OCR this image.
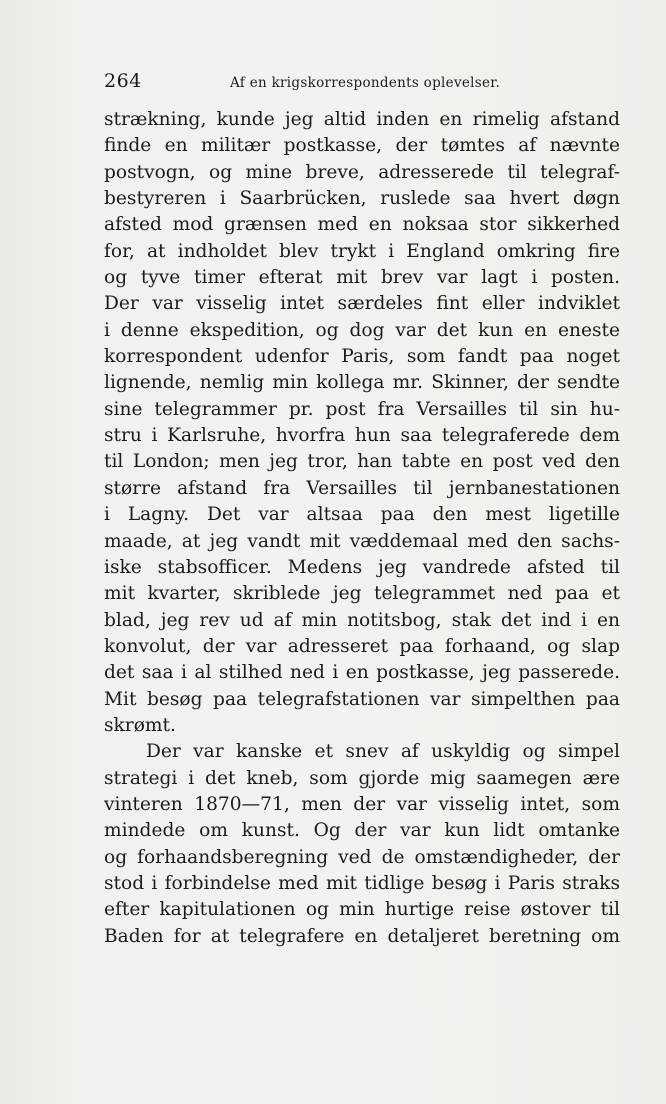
264	Af en krigskorrespondents oplevelser.
strækning, kunde jeg altid inden en rimelig afstand
finde en militær postkasse, der tømtes af nævnte
postvogn, og mine breve, adresserede til telegraf-
bestyreren i Saarbrücken, ruslede saa hvert døgn
afsted mod grænsen med en noksaa stor sikkerhed
for, at indholdet blev trykt i England omkring fire
og tyve timer efterat mit brev var lagt i posten.
Der var visselig intet særdeles fint eller indviklet
i denne ekspedition, og dog var det kun en eneste
korrespondent udenfor Paris, som fandt paa noget
lignende, nemlig min kollega mr. Skinner, der sendte
sine telegrammer pr. post fra Versailles til sin hu-
stru i Karlsruhe, hvorfra hun saa telegraferede dem
til London; men jeg tror, han tabte en post ved den
større afstand fra Versailles til jernbanestationen
i Lagny. Det var altsaa paa den mest ligetille
maade, at jeg vandt mit væddemaal med den sachs-
iske stabsofficer. Medens jeg vandrede afsted til
mit kvarter, skriblede jeg telegrammet ned paa et
blad, jeg rev ud af min notitsbog, stak det ind i en
konvolut, der var adresseret paa forhaand, og slap
det saa i al stilhed ned i en postkasse, jeg passerede.
Mit besøg paa telegrafstationen var simpelthen paa
skrømt.
Der var kanske et snev af uskyldig og simpel
strategi i det kneb, som gjorde mig saamegen ære
vinteren 1870—71, men der var visselig intet, som
mindede om kunst. Og der var kun lidt omtanke
og forhaandsberegning ved de omstændigheder, der
stod i forbindelse med mit tidlige besøg i Paris straks
efter kapitulationen og min hurtige reise østover til
Baden for at telegrafere en detaljeret beretning om
